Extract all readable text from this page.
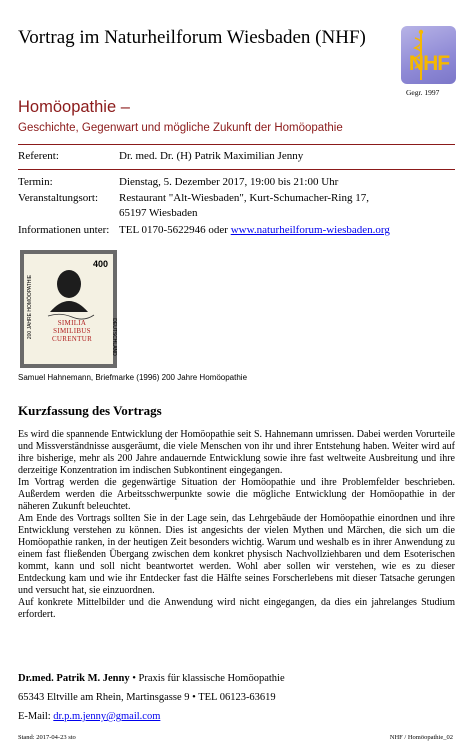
Vortrag im Naturheilforum Wiesbaden (NHF)
NHF
Gegr. 1997
Homöopathie –
Geschichte, Gegenwart und mögliche Zukunft der Homöopathie
Referent:	Dr. med. Dr. (H) Patrik Maximilian Jenny
Termin:	Dienstag, 5. Dezember 2017, 19:00 bis 21:00 Uhr
Veranstaltungsort: Restaurant "Alt-Wiesbaden", Kurt-Schumacher-Ring 17,
65197 Wiesbaden
Informationen unter: TEL 0170-5622946 oder www.naturheilforum-wiesbaden.org
400
SIMILIA
SIMILIBUS
CURENTUR
200 JAHRE HOMÖOPATHIE	DEUTSCHLAND
Samuel Hahnemann, Briefmarke (1996) 200 Jahre Homöopathie
Kurzfassung des Vortrags

Es wird die spannende Entwicklung der Homöopathie seit S. Hahnemann umrissen. Dabei werden Vorurteile und Missverständnisse ausgeräumt, die viele Menschen von ihr und ihrer Entstehung haben. Weiter wird auf ihre bisherige, mehr als 200 Jahre andauernde Entwicklung sowie ihre fast weltweite Ausbreitung und ihre derzeitige Konzentration im indischen Subkontinent eingegangen.

Im Vortrag werden die gegenwärtige Situation der Homöopathie und ihre Problemfelder beschrieben. Außerdem werden die Arbeitsschwerpunkte sowie die mögliche Entwicklung der Homöopathie in der näheren Zukunft beleuchtet.

Am Ende des Vortrags sollten Sie in der Lage sein, das Lehrgebäude der Homöopathie einordnen und ihre Entwicklung verstehen zu können. Dies ist angesichts der vielen Mythen und Märchen, die sich um die Homöopathie ranken, in der heutigen Zeit besonders wichtig. Warum und weshalb es in ihrer Anwendung zu einem fast fließenden Übergang zwischen dem konkret physisch Nachvollziehbaren und dem Esoterischen kommt, kann und soll nicht beantwortet werden. Wohl aber sollen wir verstehen, wie es zu dieser Entdeckung kam und wie ihr Entdecker fast die Hälfte seines Forscherlebens mit dieser Tatsache gerungen und versucht hat, sie einzuordnen.

Auf konkrete Mittelbilder und die Anwendung wird nicht eingegangen, da dies ein jahrelanges Studium erfordert.

Dr.med. Patrik M. Jenny • Praxis für klassische Homöopathie
65343 Eltville am Rhein, Martinsgasse 9 • TEL 06123-63619
E-Mail: dr.p.m.jenny@gmail.com
Stand: 2017-04-23 sto	NHF / Homöopathie_02
